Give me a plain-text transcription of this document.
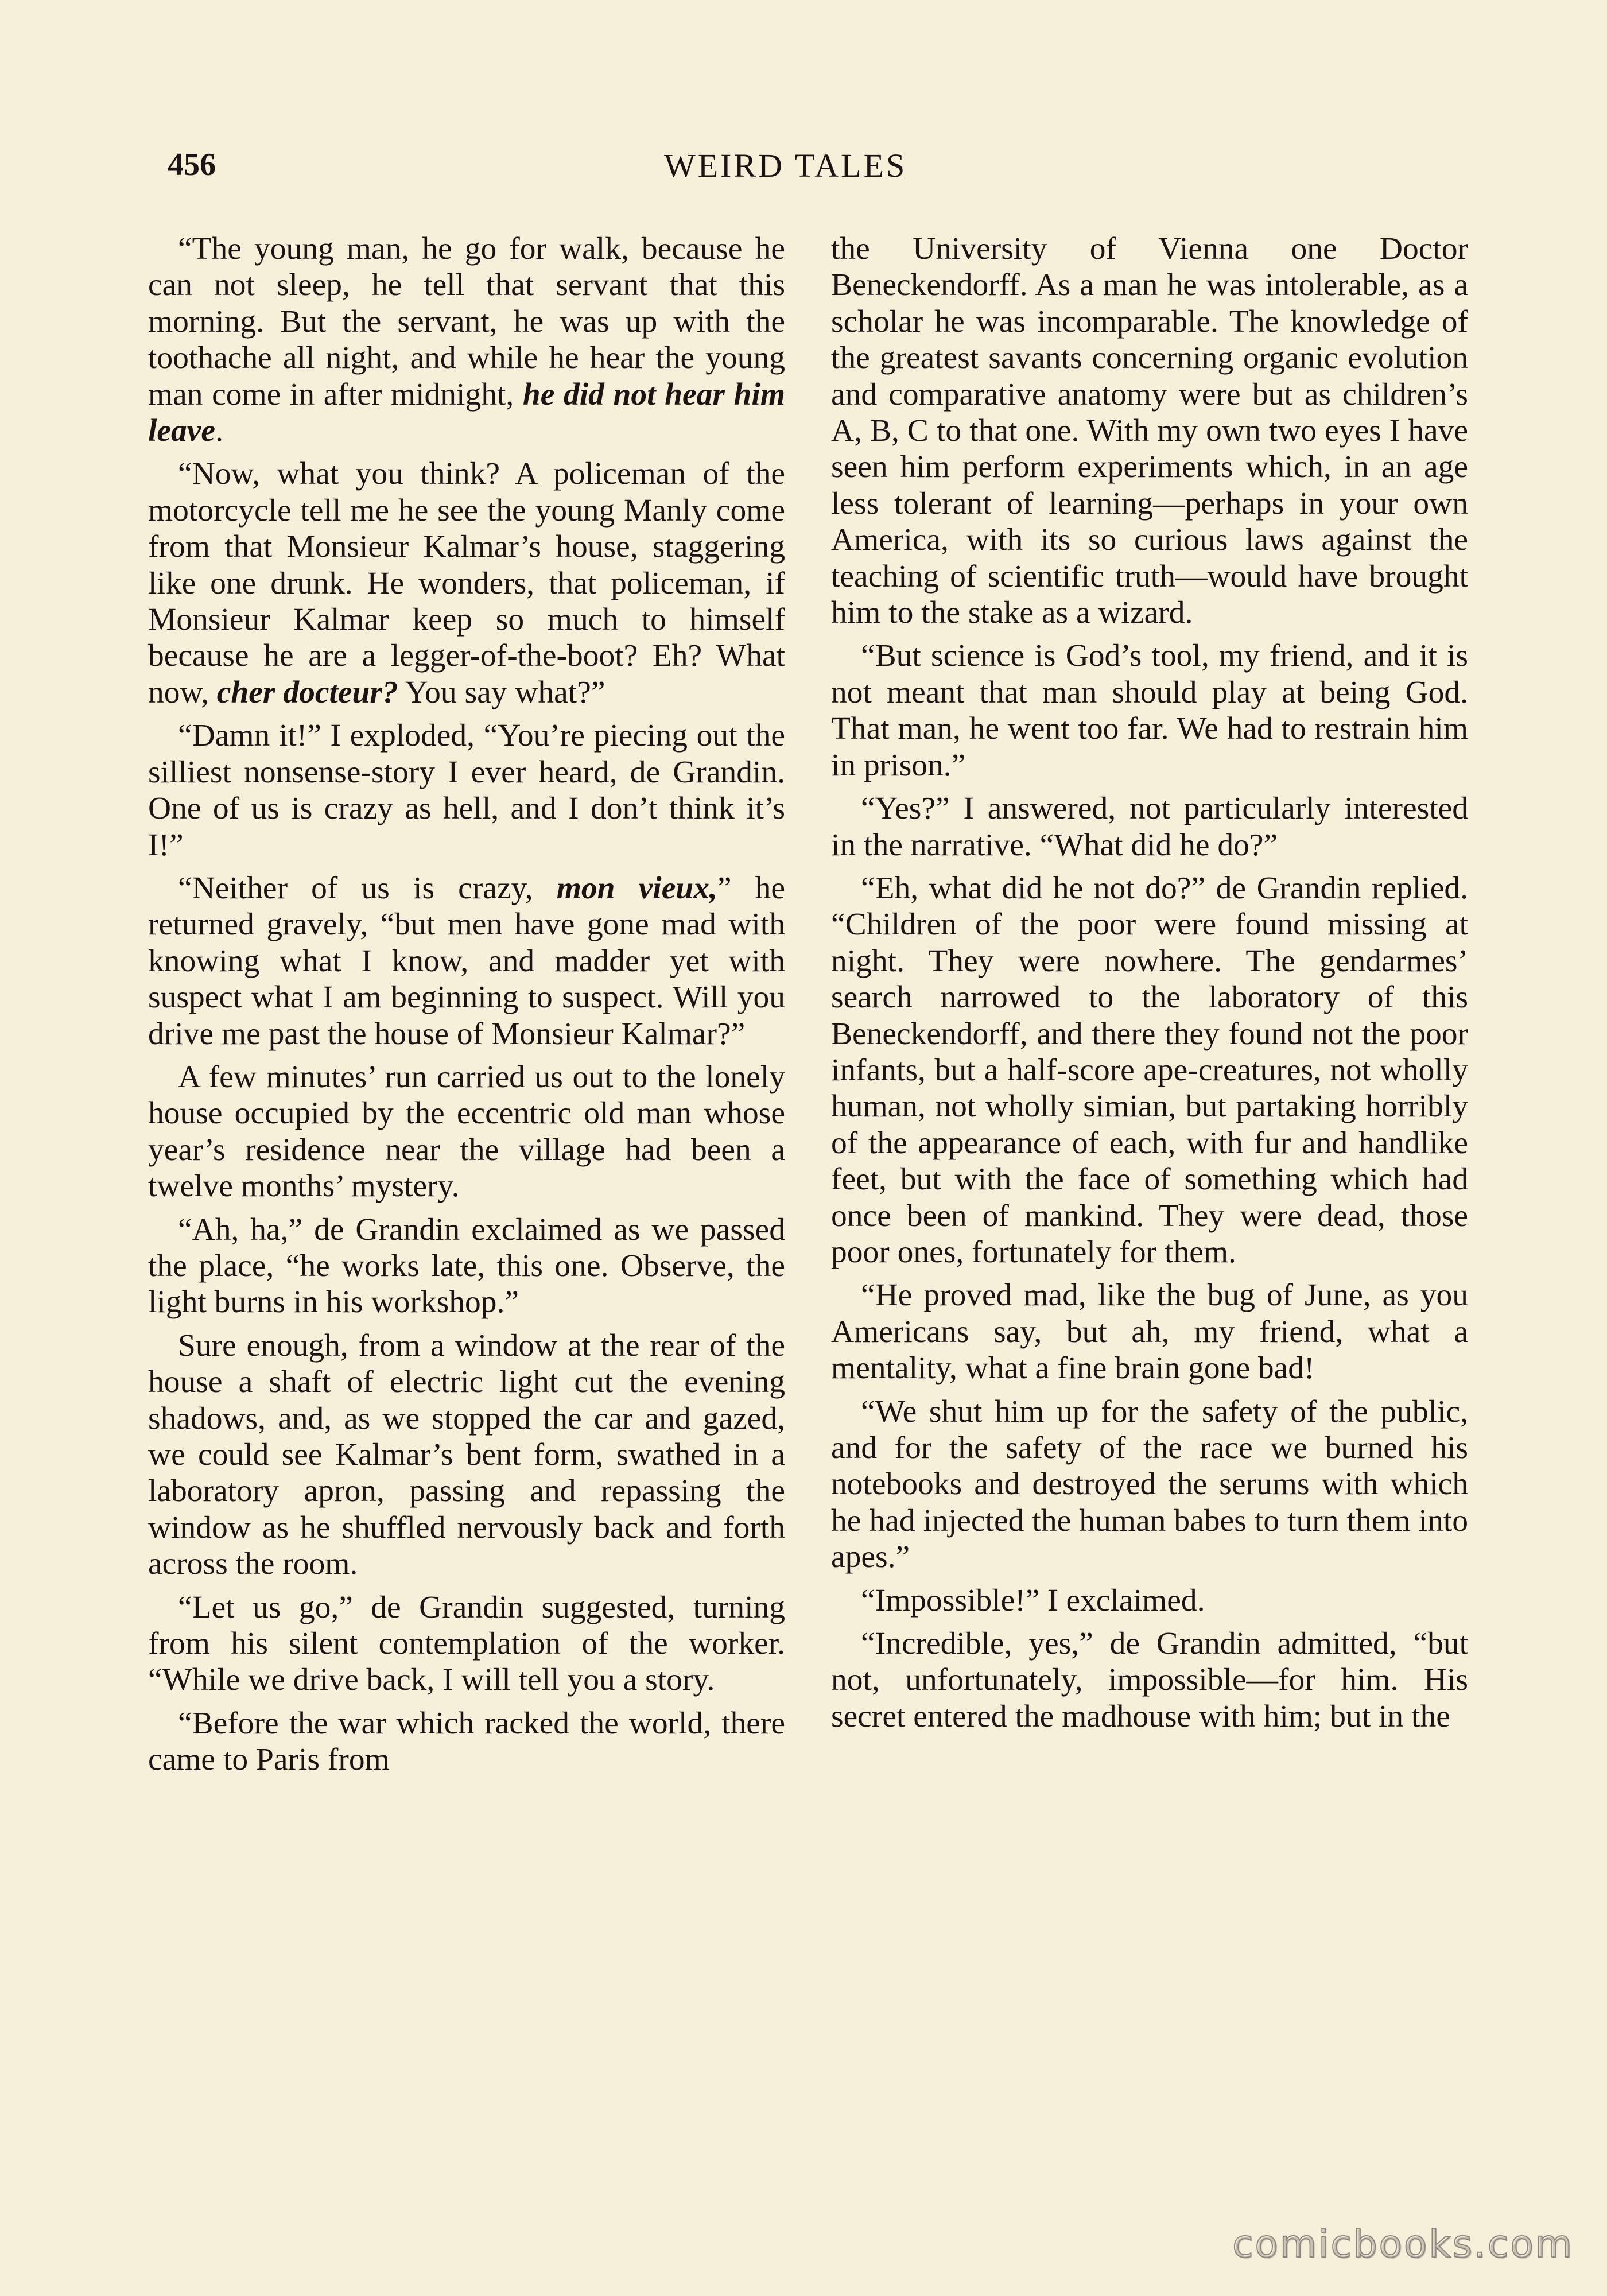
456	WEIRD TALES

“The young man, he go for walk, because he can not sleep, he tell that servant that this morning. But the servant, he was up with the toothache all night, and while he hear the young man come in after midnight, he did not hear him leave.

“Now, what you think? A policeman of the motorcycle tell me he see the young Manly come from that Monsieur Kalmar’s house, staggering like one drunk. He wonders, that policeman, if Monsieur Kalmar keep so much to himself because he are a legger-of-the-boot? Eh? What now, cher docteur? You say what?”

“Damn it!” I exploded, “You’re piecing out the silliest nonsense-story I ever heard, de Grandin. One of us is crazy as hell, and I don’t think it’s I!”

“Neither of us is crazy, mon vieux,” he returned gravely, “but men have gone mad with knowing what I know, and madder yet with suspect what I am beginning to suspect. Will you drive me past the house of Monsieur Kalmar?”

A few minutes’ run carried us out to the lonely house occupied by the eccentric old man whose year’s residence near the village had been a twelve months’ mystery.

“Ah, ha,” de Grandin exclaimed as we passed the place, “he works late, this one. Observe, the light burns in his workshop.”

Sure enough, from a window at the rear of the house a shaft of electric light cut the evening shadows, and, as we stopped the car and gazed, we could see Kalmar’s bent form, swathed in a laboratory apron, passing and repassing the window as he shuffled nervously back and forth across the room.

“Let us go,” de Grandin suggested, turning from his silent contemplation of the worker. “While we drive back, I will tell you a story.

“Before the war which racked the world, there came to Paris from

the University of Vienna one Doctor Beneckendorff. As a man he was intolerable, as a scholar he was incomparable. The knowledge of the greatest savants concerning organic evolution and comparative anatomy were but as children’s A, B, C to that one. With my own two eyes I have seen him perform experiments which, in an age less tolerant of learning—perhaps in your own America, with its so curious laws against the teaching of scientific truth—would have brought him to the stake as a wizard.

“But science is God’s tool, my friend, and it is not meant that man should play at being God. That man, he went too far. We had to restrain him in prison.”

“Yes?” I answered, not particularly interested in the narrative. “What did he do?”

“Eh, what did he not do?” de Grandin replied. “Children of the poor were found missing at night. They were nowhere. The gendarmes’ search narrowed to the laboratory of this Beneckendorff, and there they found not the poor infants, but a half-score ape-creatures, not wholly human, not wholly simian, but partaking horribly of the appearance of each, with fur and handlike feet, but with the face of something which had once been of mankind. They were dead, those poor ones, fortunately for them.

“He proved mad, like the bug of June, as you Americans say, but ah, my friend, what a mentality, what a fine brain gone bad!

“We shut him up for the safety of the public, and for the safety of the race we burned his notebooks and destroyed the serums with which he had injected the human babes to turn them into apes.”

“Impossible!” I exclaimed.

“Incredible, yes,” de Grandin admitted, “but not, unfortunately, impossible—for him. His secret entered the madhouse with him; but in the

comicbooks.com
